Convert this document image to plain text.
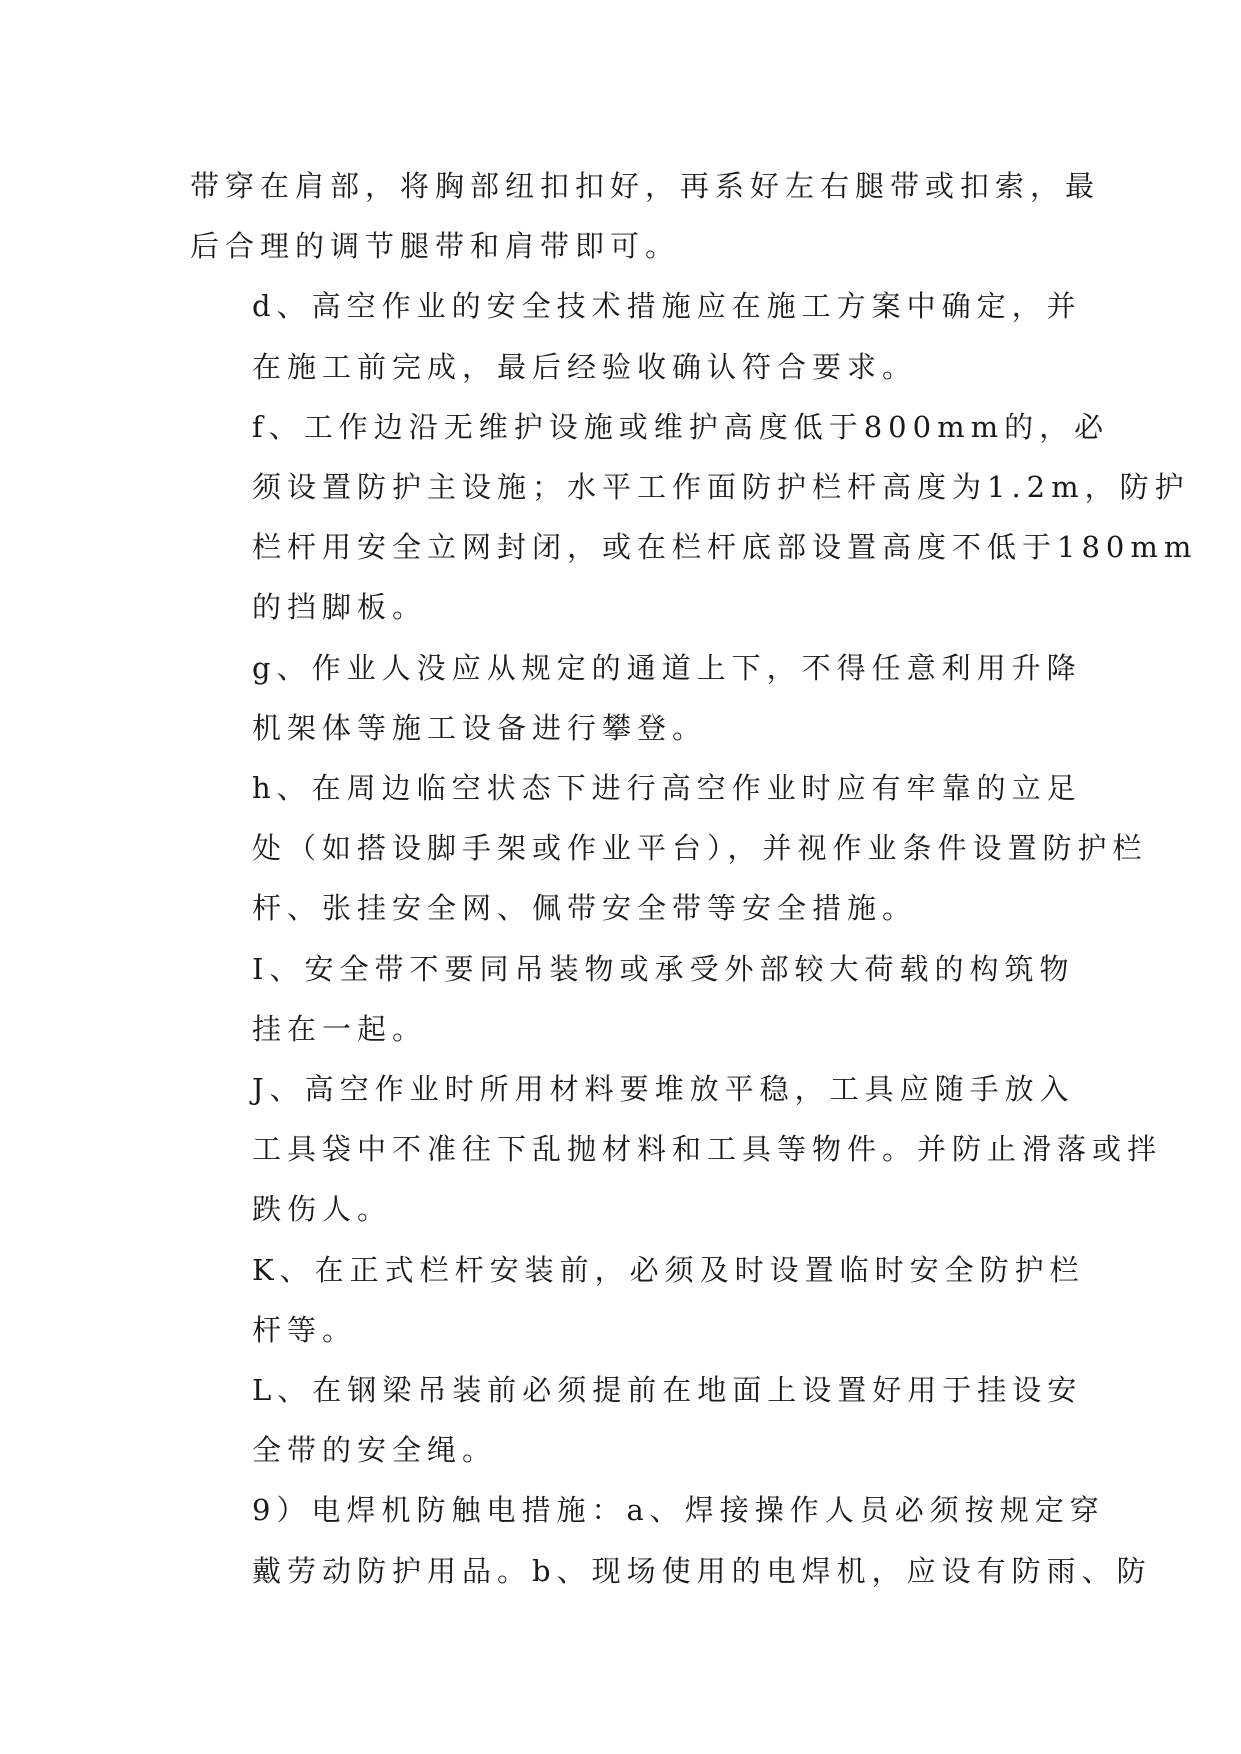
带穿在肩部，将胸部纽扣扣好，再系好左右腿带或扣索，最
后合理的调节腿带和肩带即可。

d、高空作业的安全技术措施应在施工方案中确定，并
在施工前完成，最后经验收确认符合要求。

f、工作边沿无维护设施或维护高度低于800mm的，必
须设置防护主设施；水平工作面防护栏杆高度为1.2m，防护
栏杆用安全立网封闭，或在栏杆底部设置高度不低于180mm
的挡脚板。

g、作业人没应从规定的通道上下，不得任意利用升降
机架体等施工设备进行攀登。

h、在周边临空状态下进行高空作业时应有牢靠的立足
处（如搭设脚手架或作业平台），并视作业条件设置防护栏
杆、张挂安全网、佩带安全带等安全措施。

I、安全带不要同吊装物或承受外部较大荷载的构筑物
挂在一起。

J、高空作业时所用材料要堆放平稳，工具应随手放入
工具袋中不准往下乱抛材料和工具等物件。并防止滑落或拌
跌伤人。

K、在正式栏杆安装前，必须及时设置临时安全防护栏
杆等。

L、在钢梁吊装前必须提前在地面上设置好用于挂设安
全带的安全绳。

9）电焊机防触电措施：a、焊接操作人员必须按规定穿
戴劳动防护用品。b、现场使用的电焊机，应设有防雨、防
